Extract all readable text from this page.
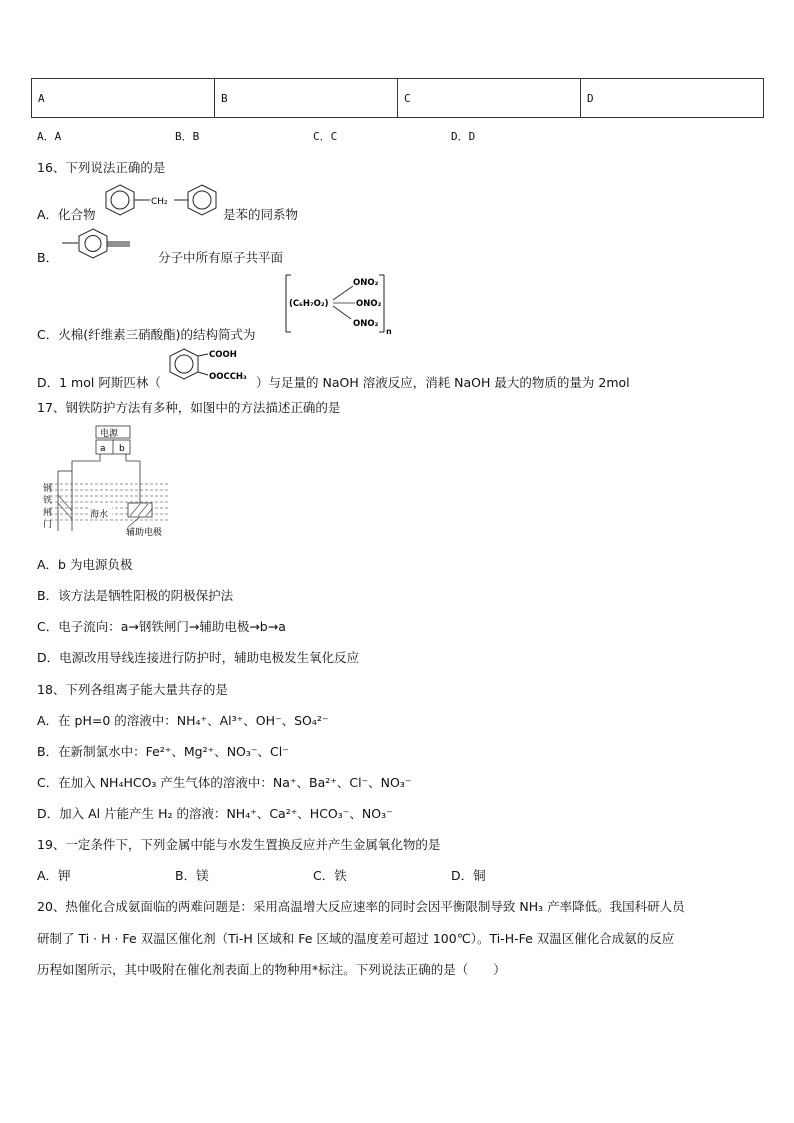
A	B	C	D
A．A	B．B	C．C	D．D
16、下列说法正确的是
A．化合物
CH₂
是苯的同系物
B．	分子中所有原子共平面
C．火棉(纤维素三硝酸酯)的结构简式为
(C₆H₇O₂)
ONO₂
ONO₂
ONO₂
n
D．1 mol 阿斯匹林（
COOH
OOCCH₃ ）与足量的 NaOH 溶液反应，消耗 NaOH 最大的物质的量为 2mol
17、钢铁防护方法有多种，如图中的方法描述正确的是
电源
a b
海水
辅助电极
钢
铁
闸
门
A．b 为电源负极
B．该方法是牺牲阳极的阴极保护法
C．电子流向：a→钢铁闸门→辅助电极→b→a
D．电源改用导线连接进行防护时，辅助电极发生氧化反应
18、下列各组离子能大量共存的是
A．在 pH=0 的溶液中：NH₄⁺、Al³⁺、OH⁻、SO₄²⁻
B．在新制氯水中：Fe²⁺、Mg²⁺、NO₃⁻、Cl⁻
C．在加入 NH₄HCO₃ 产生气体的溶液中：Na⁺、Ba²⁺、Cl⁻、NO₃⁻
D．加入 Al 片能产生 H₂ 的溶液：NH₄⁺、Ca²⁺、HCO₃⁻、NO₃⁻
19、一定条件下，下列金属中能与水发生置换反应并产生金属氧化物的是
A．钾	B．镁	C．铁	D．铜
20、热催化合成氨面临的两难问题是：采用高温增大反应速率的同时会因平衡限制导致 NH₃ 产率降低。我国科研人员
研制了 Ti · H · Fe 双温区催化剂（Ti-H 区域和 Fe 区域的温度差可超过 100℃）。Ti-H-Fe 双温区催化合成氨的反应
历程如图所示，其中吸附在催化剂表面上的物种用*标注。下列说法正确的是（　　）
